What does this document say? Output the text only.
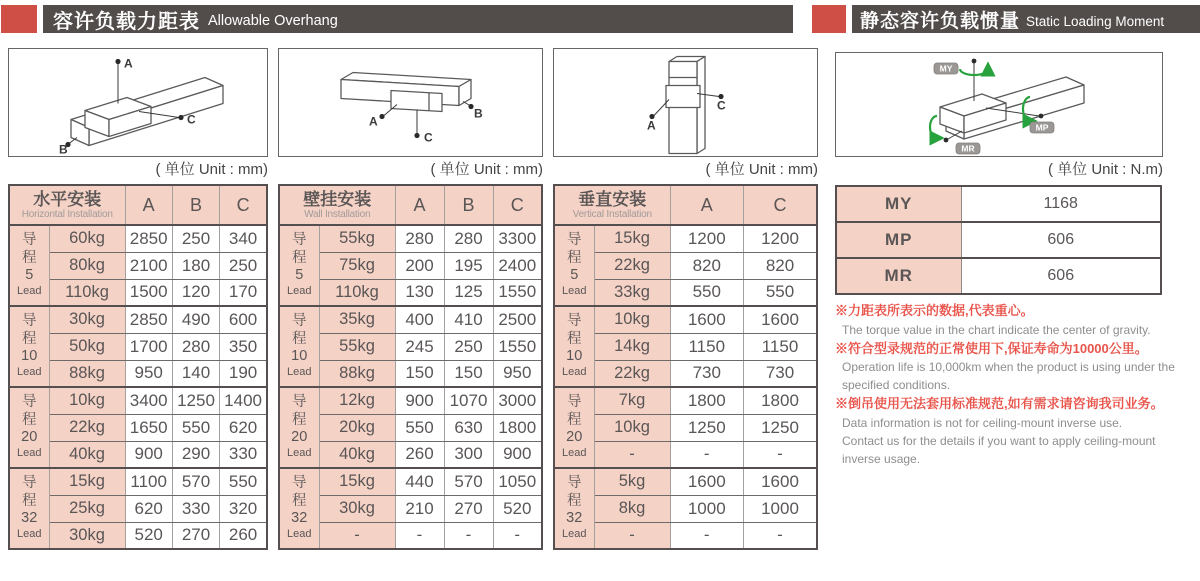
容许负载力距表 Allowable Overhang	静态容许负载惯量 Static Loading Moment
A
C
B
( 单位 Unit : mm)
水平安装
Horizontal Installation		A	B	C

导程
5
Lead	60kg	2850	250	340
	80kg	2100	180	250
	110kg	1500	120	170

导程
10
Lead	30kg	2850	490	600
	50kg	1700	280	350
	88kg	950	140	190

导程
20
Lead	10kg	3400	1250	1400
	22kg	1650	550	620
	40kg	900	290	330

导程
32
Lead	15kg	1100	570	550
	25kg	620	330	320
	30kg	520	270	260
A
B
C
( 单位 Unit : mm)
壁挂安装
Wall Installation		A	B	C

导程
5
Lead	55kg	280	280	3300
	75kg	200	195	2400
	110kg	130	125	1550

导程
10
Lead	35kg	400	410	2500
	55kg	245	250	1550
	88kg	150	150	950

导程
20
Lead	12kg	900	1070	3000
	20kg	550	630	1800
	40kg	260	300	900

导程
32
Lead	15kg	440	570	1050
	30kg	210	270	520
	-	-	-	-
A
C
( 单位 Unit : mm)
垂直安装
Vertical Installation		A	C

导程
5
Lead	15kg	1200	1200
	22kg	820	820
	33kg	550	550

导程
10
Lead	10kg	1600	1600
	14kg	1150	1150
	22kg	730	730

导程
20
Lead	7kg	1800	1800
	10kg	1250	1250
	-	-	-

导程
32
Lead	5kg	1600	1600
	8kg	1000	1000
	-	-	-
MY
MP
MR
( 单位 Unit : N.m)
MY	1168
MP	606
MR	606
※力距表所表示的数据,代表重心。
The torque value in the chart indicate the center of gravity.
※符合型录规范的正常使用下,保证寿命为10000公里。
Operation life is 10,000km when the product is using under the
specified conditions.
※倒吊使用无法套用标准规范,如有需求请咨询我司业务。
Data information is not for ceiling-mount inverse use.
Contact us for the details if you want to apply ceiling-mount
inverse usage.
